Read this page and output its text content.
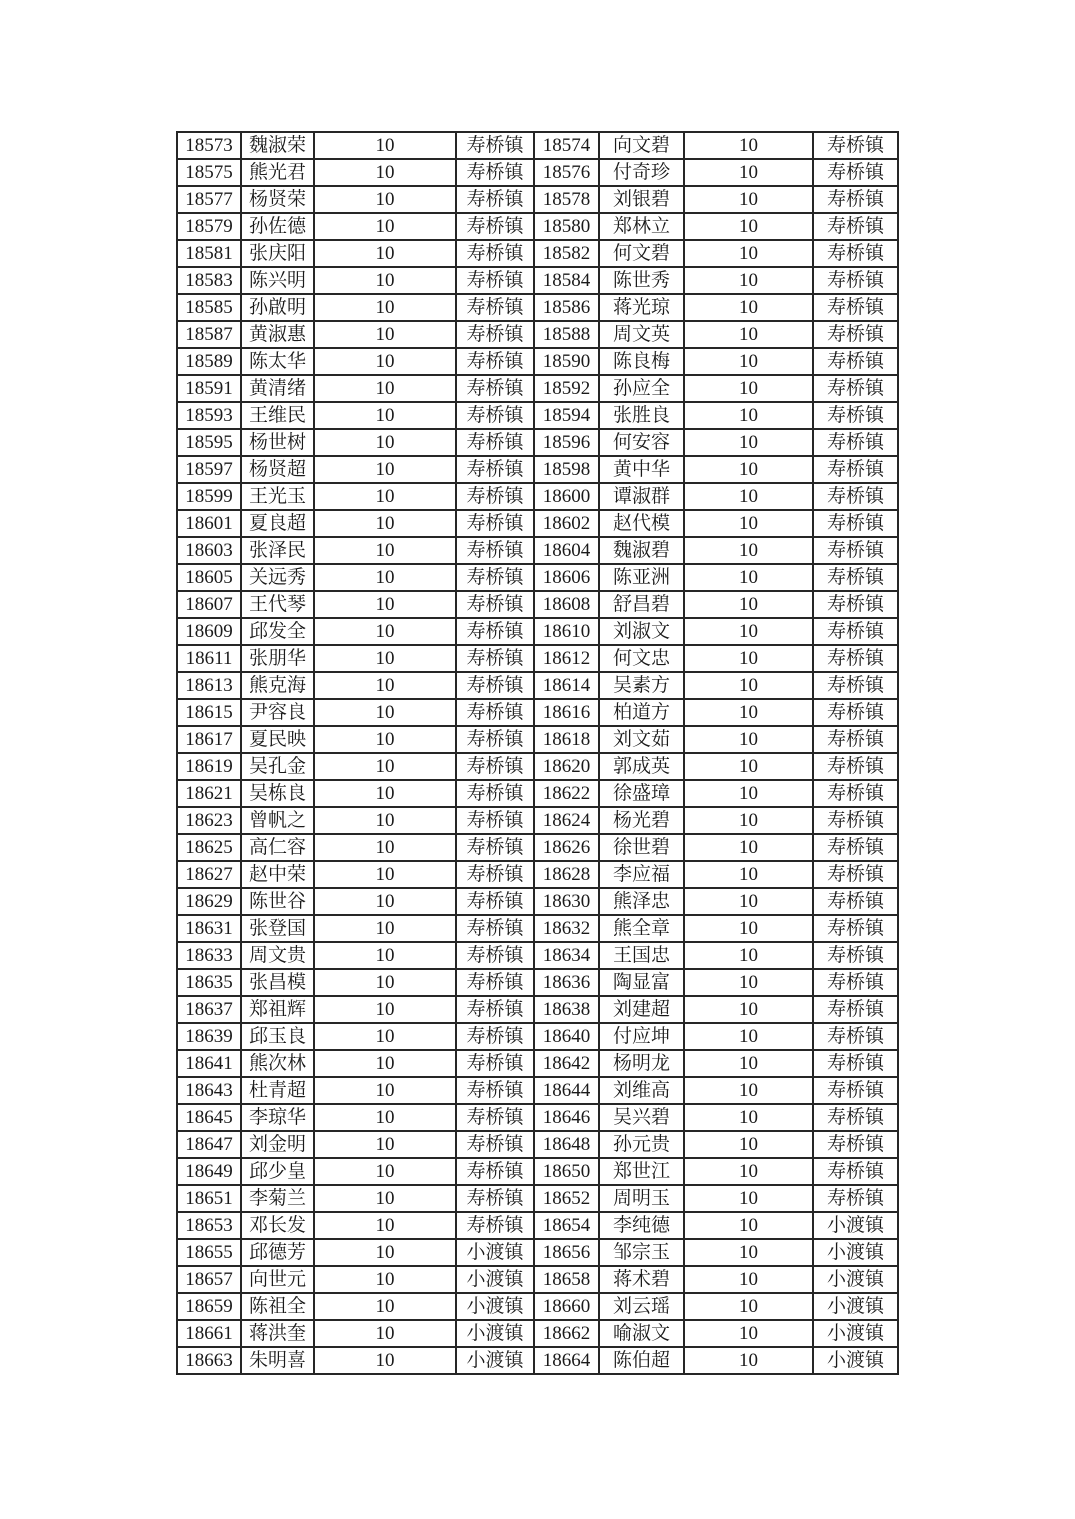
18573	魏淑荣	10	寿桥镇	18574	向文碧	10	寿桥镇
18575	熊光君	10	寿桥镇	18576	付奇珍	10	寿桥镇
18577	杨贤荣	10	寿桥镇	18578	刘银碧	10	寿桥镇
18579	孙佐德	10	寿桥镇	18580	郑林立	10	寿桥镇
18581	张庆阳	10	寿桥镇	18582	何文碧	10	寿桥镇
18583	陈兴明	10	寿桥镇	18584	陈世秀	10	寿桥镇
18585	孙啟明	10	寿桥镇	18586	蒋光琼	10	寿桥镇
18587	黄淑惠	10	寿桥镇	18588	周文英	10	寿桥镇
18589	陈太华	10	寿桥镇	18590	陈良梅	10	寿桥镇
18591	黄清绪	10	寿桥镇	18592	孙应全	10	寿桥镇
18593	王维民	10	寿桥镇	18594	张胜良	10	寿桥镇
18595	杨世树	10	寿桥镇	18596	何安容	10	寿桥镇
18597	杨贤超	10	寿桥镇	18598	黄中华	10	寿桥镇
18599	王光玉	10	寿桥镇	18600	谭淑群	10	寿桥镇
18601	夏良超	10	寿桥镇	18602	赵代模	10	寿桥镇
18603	张泽民	10	寿桥镇	18604	魏淑碧	10	寿桥镇
18605	关远秀	10	寿桥镇	18606	陈亚洲	10	寿桥镇
18607	王代琴	10	寿桥镇	18608	舒昌碧	10	寿桥镇
18609	邱发全	10	寿桥镇	18610	刘淑文	10	寿桥镇
18611	张朋华	10	寿桥镇	18612	何文忠	10	寿桥镇
18613	熊克海	10	寿桥镇	18614	吴素方	10	寿桥镇
18615	尹容良	10	寿桥镇	18616	柏道方	10	寿桥镇
18617	夏民映	10	寿桥镇	18618	刘文茹	10	寿桥镇
18619	吴孔金	10	寿桥镇	18620	郭成英	10	寿桥镇
18621	吴栋良	10	寿桥镇	18622	徐盛璋	10	寿桥镇
18623	曾帆之	10	寿桥镇	18624	杨光碧	10	寿桥镇
18625	高仁容	10	寿桥镇	18626	徐世碧	10	寿桥镇
18627	赵中荣	10	寿桥镇	18628	李应福	10	寿桥镇
18629	陈世谷	10	寿桥镇	18630	熊泽忠	10	寿桥镇
18631	张登国	10	寿桥镇	18632	熊全章	10	寿桥镇
18633	周文贵	10	寿桥镇	18634	王国忠	10	寿桥镇
18635	张昌模	10	寿桥镇	18636	陶显富	10	寿桥镇
18637	郑祖辉	10	寿桥镇	18638	刘建超	10	寿桥镇
18639	邱玉良	10	寿桥镇	18640	付应坤	10	寿桥镇
18641	熊次林	10	寿桥镇	18642	杨明龙	10	寿桥镇
18643	杜青超	10	寿桥镇	18644	刘维高	10	寿桥镇
18645	李琼华	10	寿桥镇	18646	吴兴碧	10	寿桥镇
18647	刘金明	10	寿桥镇	18648	孙元贵	10	寿桥镇
18649	邱少皇	10	寿桥镇	18650	郑世江	10	寿桥镇
18651	李菊兰	10	寿桥镇	18652	周明玉	10	寿桥镇
18653	邓长发	10	寿桥镇	18654	李纯德	10	小渡镇
18655	邱德芳	10	小渡镇	18656	邹宗玉	10	小渡镇
18657	向世元	10	小渡镇	18658	蒋术碧	10	小渡镇
18659	陈祖全	10	小渡镇	18660	刘云瑶	10	小渡镇
18661	蒋洪奎	10	小渡镇	18662	喻淑文	10	小渡镇
18663	朱明喜	10	小渡镇	18664	陈伯超	10	小渡镇
